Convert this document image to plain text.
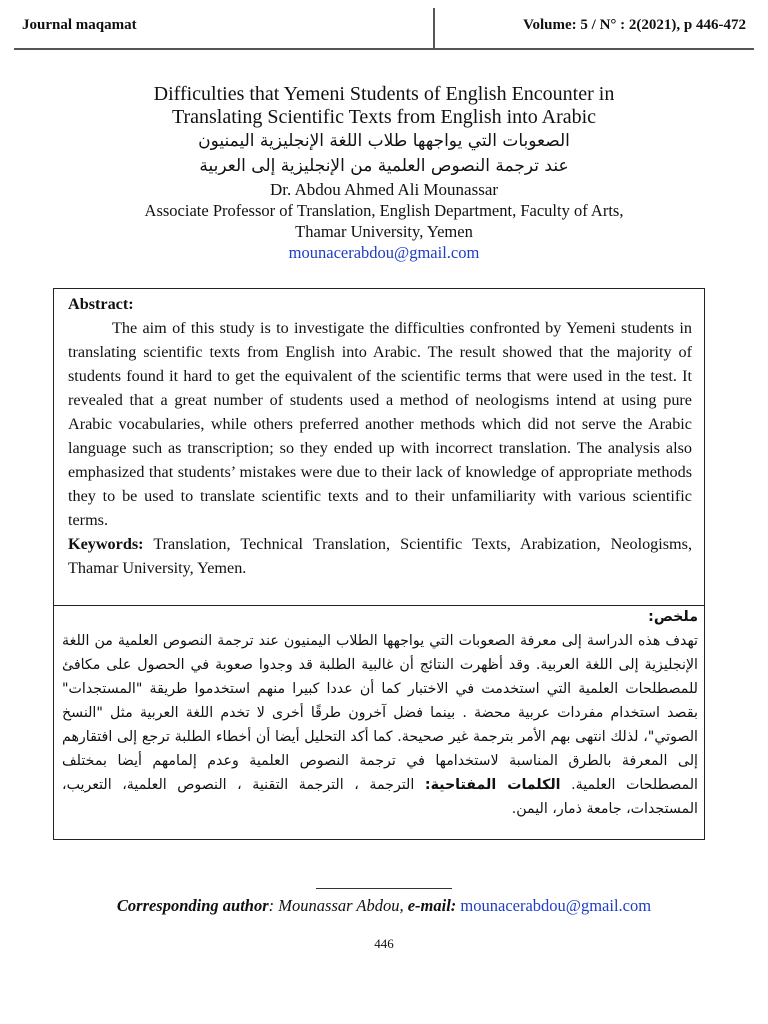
Journal maqamat	Volume: 5 / N° : 2(2021), p 446-472
Difficulties that Yemeni Students of English Encounter in
Translating Scientific Texts from English into Arabic
الصعوبات التي يواجهها طلاب اللغة الإنجليزية اليمنيون
عند ترجمة النصوص العلمية من الإنجليزية إلى العربية
Dr. Abdou Ahmed Ali Mounassar
Associate Professor of Translation, English Department, Faculty of Arts,
Thamar University, Yemen
mounacerabdou@gmail.com
Abstract:
The aim of this study is to investigate the difficulties confronted by Yemeni students in translating scientific texts from English into Arabic. The result showed that the majority of students found it hard to get the equivalent of the scientific terms that were used in the test. It revealed that a great number of students used a method of neologisms intend at using pure Arabic vocabularies, while others preferred another methods which did not serve the Arabic language such as transcription; so they ended up with incorrect translation. The analysis also emphasized that students’ mistakes were due to their lack of knowledge of appropriate methods they to be used to translate scientific texts and to their unfamiliarity with various scientific terms.
Keywords: Translation, Technical Translation, Scientific Texts, Arabization, Neologisms, Thamar University, Yemen.
ملخص:
تهدف هذه الدراسة إلى معرفة الصعوبات التي يواجهها الطلاب اليمنيون عند ترجمة النصوص العلمية من اللغة الإنجليزية إلى اللغة العربية. وقد أظهرت النتائج أن غالبية الطلبة قد وجدوا صعوبة في الحصول على مكافئ للمصطلحات العلمية التي استخدمت في الاختبار كما أن عددا كبيرا منهم استخدموا طريقة "المستجدات" بقصد استخدام مفردات عربية محضة . بينما فضل آخرون طرقًا أخرى لا تخدم اللغة العربية مثل "النسخ الصوتي"، لذلك انتهى بهم الأمر بترجمة غير صحيحة. كما أكد التحليل أيضا أن أخطاء الطلبة ترجع إلى افتقارهم إلى المعرفة بالطرق المناسبة لاستخدامها في ترجمة النصوص العلمية وعدم إلمامهم أيضا بمختلف المصطلحات العلمية. الكلمات المفتاحية: الترجمة ، الترجمة التقنية ، النصوص العلمية، التعريب، المستجدات، جامعة ذمار، اليمن.
Corresponding author: Mounassar Abdou, e-mail: mounacerabdou@gmail.com
446
